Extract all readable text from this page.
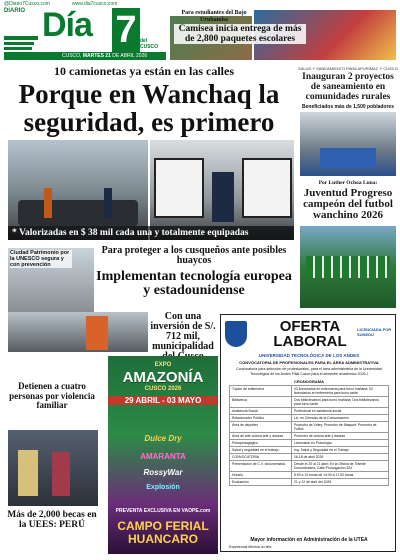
@Diario7Cusco.com	www.dia7cusco.com
DIARIO Día 7 del CUSCO
CUSCO, MARTES 21 DE ABRIL 2026
Para estudiantes del Bajo Urubamba
Camisea inicia entrega de más de 2,800 paquetes escolares
10 camionetas ya están en las calles
Porque en Wanchaq la seguridad, es primero
* Valorizadas en $ 38 mil cada una y totalmente equipadas
SALUD Y SANEAMIENTO PARA APURÍMAC Y CUSCO
Inauguran 2 proyectos de saneamiento en comunidades rurales
Beneficiados más de 1,500 pobladores
Por Luther Ochoa Luna:
Juventud Progreso campeón del futbol wanchino 2026
Ciudad Patrimonio por la UNESCO segura y con prevención
Para proteger a los cusqueños ante posibles huaycos
Implementan tecnología europea y estadounidense
Con una inversión de S/. 712 mil, municipalidad
Detienen a cuatro personas por violencia familiar
Más de 2,000 becas en la UEES: PERÚ
EXPO
AMAZONÍA
CUSCO 2026
29 ABRIL - 03 MAYO
Dulce Dry
AMARANTA
RossyWar
Explosión
PREVENTA EXCLUSIVA EN VAOPE.com
CAMPO FERIAL HUANCARO
OFERTA LABORAL
LICENCIADA POR SUNEDU
UNIVERSIDAD TECNOLÓGICA DE LOS ANDES
CONVOCATORIA DE PROFESIONALES PARA EL ÁREA ADMINISTRATIVA
Convocatoria para selección de profesionales, para el área administrativa de la Universidad Tecnológica de los Andes Filial Cusco para el semestre académico 2026-I
CRONOGRAMA
Tópico de enfermería	03 licenciados en enfermería para turno mañana; 03 licenciados en enfermería para turno tarde
Biblioteca	Dos bibliotecarios para turno mañana; Dos bibliotecarios para turno tarde
Asistencia Social	Profesional en asistencia social
Relacionador Público	Lic. en Ciencias de la Comunicación
Área de deportes	Promotor de Vóley; Promotor de Básquet; Promotor de Futbol
Área de arte cultura arte y danzas	Promotor de cultura arte y danzas
Psicopedagógico	Licenciado en Psicología
Salud y seguridad en el trabajo	Ing. Salud y Seguridad en el Trabajo
CONVOCATORIA	16-18 de abril 2026
Presentación de C.V. documentado	Desde el 20 al 21 abril; En la Oficina de Trámite Documentario, Calle Prolongación 324
Horario	8:00 a 13 horas de 14:30 a 17:00 horas
Evaluación	21 y 22 de abril del 2026
Mayor información en Administración de la UTEA
Experiencia Mínima un año
